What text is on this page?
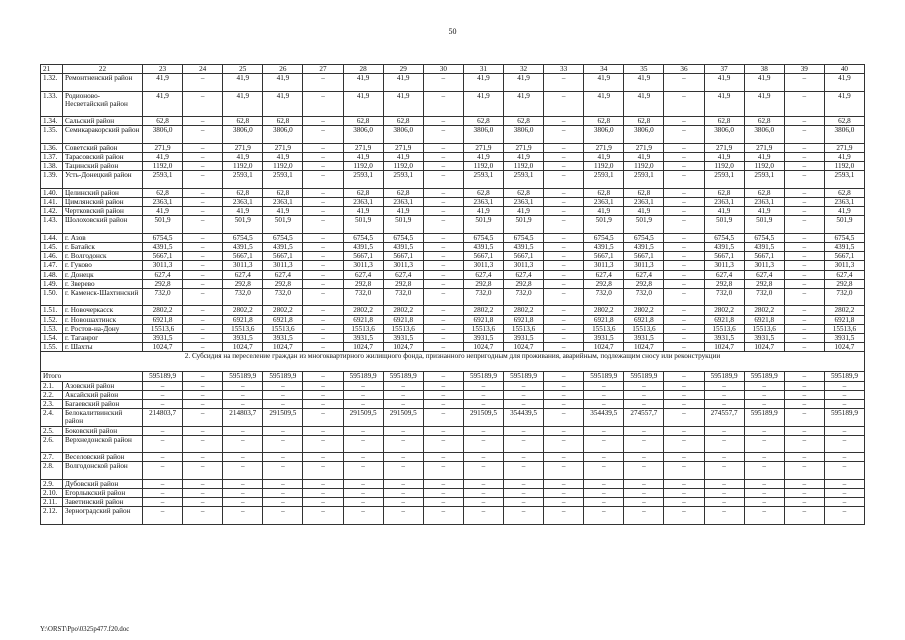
50
21	22	23	24	25	26	27	28	29	30	31	32	33	34	35	36	37	38	39	40
1.32.	Ремонтненский район	41,9	–	41,9	41,9	–	41,9	41,9	–	41,9	41,9	–	41,9	41,9	–	41,9	41,9	–	41,9
1.33.	Родионово-Несветайский район	41,9	–	41,9	41,9	–	41,9	41,9	–	41,9	41,9	–	41,9	41,9	–	41,9	41,9	–	41,9
1.34.	Сальский район	62,8	–	62,8	62,8	–	62,8	62,8	–	62,8	62,8	–	62,8	62,8	–	62,8	62,8	–	62,8
1.35.	Семикаракорский район	3806,0	–	3806,0	3806,0	–	3806,0	3806,0	–	3806,0	3806,0	–	3806,0	3806,0	–	3806,0	3806,0	–	3806,0
1.36.	Советский район	271,9	–	271,9	271,9	–	271,9	271,9	–	271,9	271,9	–	271,9	271,9	–	271,9	271,9	–	271,9
1.37.	Тарасовский район	41,9	–	41,9	41,9	–	41,9	41,9	–	41,9	41,9	–	41,9	41,9	–	41,9	41,9	–	41,9
1.38.	Тацинский район	1192,0	–	1192,0	1192,0	–	1192,0	1192,0	–	1192,0	1192,0	–	1192,0	1192,0	–	1192,0	1192,0	–	1192,0
1.39.	Усть-Донецкий район	2593,1	–	2593,1	2593,1	–	2593,1	2593,1	–	2593,1	2593,1	–	2593,1	2593,1	–	2593,1	2593,1	–	2593,1
1.40.	Целинский район	62,8	–	62,8	62,8	–	62,8	62,8	–	62,8	62,8	–	62,8	62,8	–	62,8	62,8	–	62,8
1.41.	Цимлянский район	2363,1	–	2363,1	2363,1	–	2363,1	2363,1	–	2363,1	2363,1	–	2363,1	2363,1	–	2363,1	2363,1	–	2363,1
1.42.	Чертковский район	41,9	–	41,9	41,9	–	41,9	41,9	–	41,9	41,9	–	41,9	41,9	–	41,9	41,9	–	41,9
1.43.	Шолоховский район	501,9	–	501,9	501,9	–	501,9	501,9	–	501,9	501,9	–	501,9	501,9	–	501,9	501,9	–	501,9
1.44.	г. Азов	6754,5	–	6754,5	6754,5	–	6754,5	6754,5	–	6754,5	6754,5	–	6754,5	6754,5	–	6754,5	6754,5	–	6754,5
1.45.	г. Батайск	4391,5	–	4391,5	4391,5	–	4391,5	4391,5	–	4391,5	4391,5	–	4391,5	4391,5	–	4391,5	4391,5	–	4391,5
1.46.	г. Волгодонск	5667,1	–	5667,1	5667,1	–	5667,1	5667,1	–	5667,1	5667,1	–	5667,1	5667,1	–	5667,1	5667,1	–	5667,1
1.47.	г. Гуково	3011,3	–	3011,3	3011,3	–	3011,3	3011,3	–	3011,3	3011,3	–	3011,3	3011,3	–	3011,3	3011,3	–	3011,3
1.48.	г. Донецк	627,4	–	627,4	627,4	–	627,4	627,4	–	627,4	627,4	–	627,4	627,4	–	627,4	627,4	–	627,4
1.49.	г. Зверево	292,8	–	292,8	292,8	–	292,8	292,8	–	292,8	292,8	–	292,8	292,8	–	292,8	292,8	–	292,8
1.50.	г. Каменск-Шахтинский	732,0	–	732,0	732,0	–	732,0	732,0	–	732,0	732,0	–	732,0	732,0	–	732,0	732,0	–	732,0
1.51.	г. Новочеркасск	2802,2	–	2802,2	2802,2	–	2802,2	2802,2	–	2802,2	2802,2	–	2802,2	2802,2	–	2802,2	2802,2	–	2802,2
1.52.	г. Новошахтинск	6921,8	–	6921,8	6921,8	–	6921,8	6921,8	–	6921,8	6921,8	–	6921,8	6921,8	–	6921,8	6921,8	–	6921,8
1.53.	г. Ростов-на-Дону	15513,6	–	15513,6	15513,6	–	15513,6	15513,6	–	15513,6	15513,6	–	15513,6	15513,6	–	15513,6	15513,6	–	15513,6
1.54.	г. Таганрог	3931,5	–	3931,5	3931,5	–	3931,5	3931,5	–	3931,5	3931,5	–	3931,5	3931,5	–	3931,5	3931,5	–	3931,5
1.55.	г. Шахты	1024,7	–	1024,7	1024,7	–	1024,7	1024,7	–	1024,7	1024,7	–	1024,7	1024,7	–	1024,7	1024,7	–	1024,7
2. Субсидия на переселение граждан из многоквартирного жилищного фонда, признанного непригодным для проживания, аварийным, подлежащим сносу или реконструкции																			
Итого		595189,9	–	595189,9	595189,9	–	595189,9	595189,9	–	595189,9	595189,9	–	595189,9	595189,9	–	595189,9	595189,9	–	595189,9
2.1.	Азовский район	–	–	–	–	–	–	–	–	–	–	–	–	–	–	–	–	–	–
2.2.	Аксайский район	–	–	–	–	–	–	–	–	–	–	–	–	–	–	–	–	–	–
2.3.	Багаевский район	–	–	–	–	–	–	–	–	–	–	–	–	–	–	–	–	–	–
2.4.	Белокалитвинский район	214803,7	–	214803,7	291509,5	–	291509,5	291509,5	–	291509,5	354439,5	–	354439,5	274557,7	–	274557,7	595189,9	–	595189,9
2.5.	Боковский район	–	–	–	–	–	–	–	–	–	–	–	–	–	–	–	–	–	–
2.6.	Верхнедонской район	–	–	–	–	–	–	–	–	–	–	–	–	–	–	–	–	–	–
2.7.	Веселовский район	–	–	–	–	–	–	–	–	–	–	–	–	–	–	–	–	–	–
2.8.	Волгодонской район	–	–	–	–	–	–	–	–	–	–	–	–	–	–	–	–	–	–
2.9.	Дубовский район	–	–	–	–	–	–	–	–	–	–	–	–	–	–	–	–	–	–
2.10.	Егорлыкский район	–	–	–	–	–	–	–	–	–	–	–	–	–	–	–	–	–	–
2.11.	Заветинский район	–	–	–	–	–	–	–	–	–	–	–	–	–	–	–	–	–	–
2.12.	Зерноградский район	–	–	–	–	–	–	–	–	–	–	–	–	–	–	–	–	–	–
Y:\ORST\Ppo\0325p477.f20.doc
